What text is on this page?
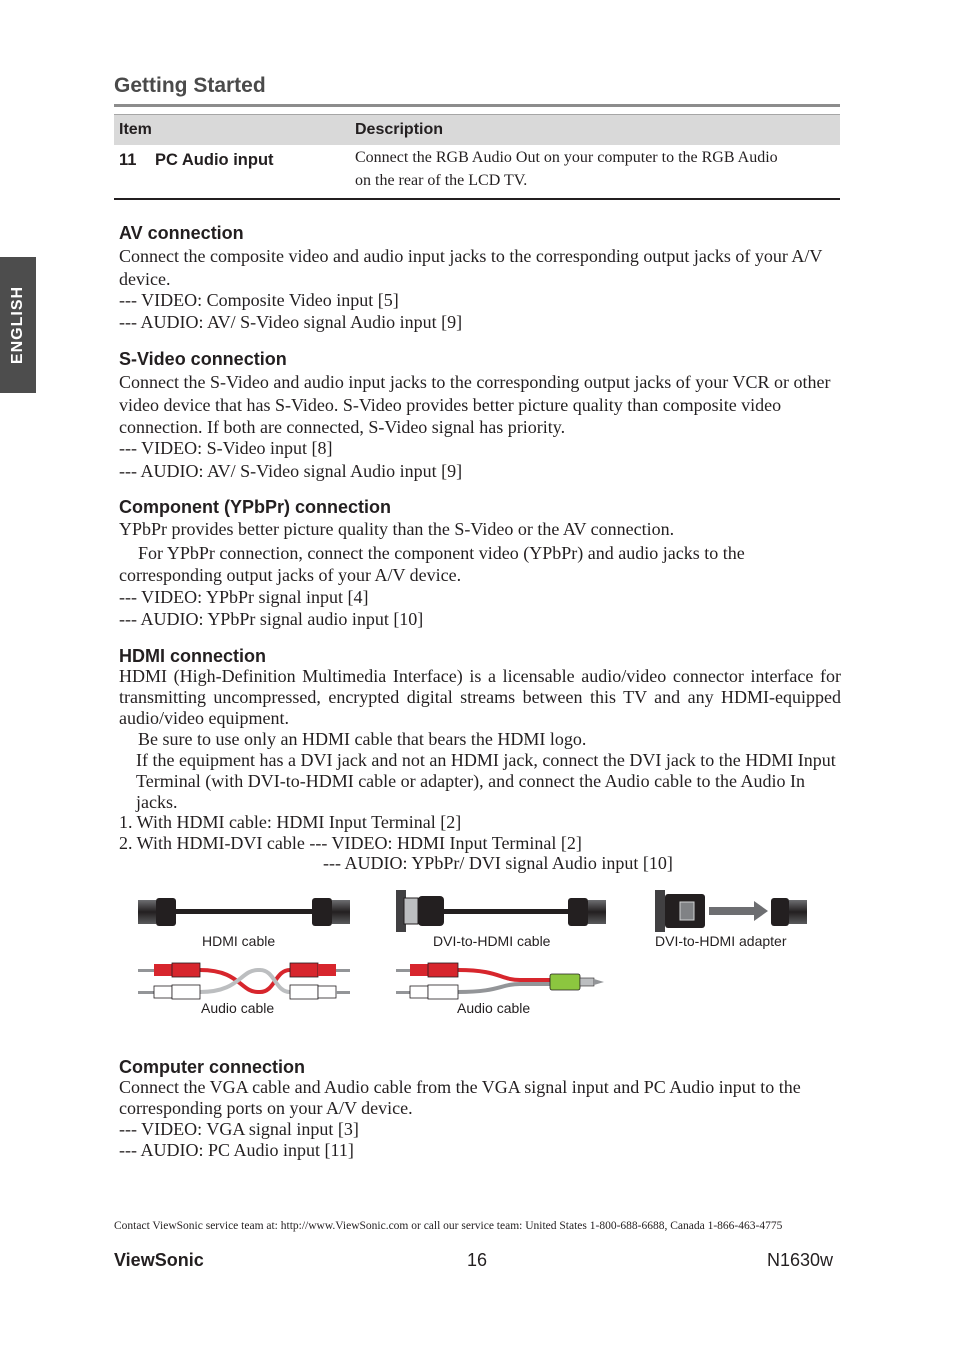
Getting Started
Item	Description
11 PC Audio input	Connect the RGB Audio Out on your computer to the RGB Audio
on the rear of the LCD TV.
ENGLISH
AV connection

Connect the composite video and audio input jacks to the corresponding output jacks of your A/V device.

--- VIDEO: Composite Video input [5]

--- AUDIO: AV/ S-Video signal Audio input [9]

S-Video connection

Connect the S-Video and audio input jacks to the corresponding output jacks of your VCR or other video device that has S-Video. S-Video provides better picture quality than composite video connection. If both are connected, S-Video signal has priority.

--- VIDEO: S-Video input [8]

--- AUDIO: AV/ S-Video signal Audio input [9]

Component (YPbPr) connection

YPbPr provides better picture quality than the S-Video or the AV connection.

For YPbPr connection, connect the component video (YPbPr) and audio jacks to the

corresponding output jacks of your A/V device.

--- VIDEO: YPbPr signal input [4]

--- AUDIO: YPbPr signal audio input [10]

HDMI connection

HDMI (High-Definition Multimedia Interface) is a licensable audio/video connector interface for transmitting uncompressed, encrypted digital streams between this TV and any HDMI-equipped audio/video equipment.

Be sure to use only an HDMI cable that bears the HDMI logo.

If the equipment has a DVI jack and not an HDMI jack, connect the DVI jack to the HDMI Input Terminal (with DVI-to-HDMI cable or adapter), and connect the Audio cable to the Audio In jacks.

1. With HDMI cable: HDMI Input Terminal [2]

2. With HDMI-DVI cable --- VIDEO: HDMI Input Terminal [2]

--- AUDIO: YPbPr/ DVI signal Audio input [10]

HDMI cable	DVI-to-HDMI cable	DVI-to-HDMI adapter
Audio cable	Audio cable
Computer connection

Connect the VGA cable and Audio cable from the VGA signal input and PC Audio input to the corresponding ports on your A/V device.

--- VIDEO: VGA signal input [3]

--- AUDIO: PC Audio input [11]

Contact ViewSonic service team at: http://www.ViewSonic.com or call our service team: United States 1-800-688-6688, Canada 1-866-463-4775
ViewSonic	16	N1630w
